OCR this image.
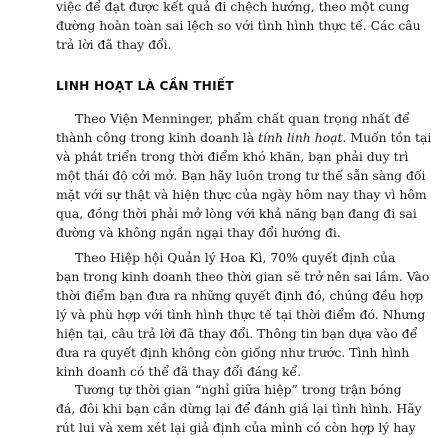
việc để đạt được kết quả đi chệch hướng, theo một cung
đường hoàn toàn sai lệch so với tình hình thực tế. Các câu
trả lời đã thay đổi.
LINH HOẠT LÀ CẦN THIẾT
Theo Viện Menninger, phẩm chất quan trọng nhất để
thành công trong kinh doanh là tính linh hoạt. Muốn tồn tại
và phát triển trong thời điểm khó khăn, bạn phải duy trì
một thái độ cởi mở. Bạn hãy luôn trong tư thế sẵn sàng đối
mặt với sự thật và hiện thực của ngày hôm nay thay vì hôm
qua, đồng thời phải mở lòng với khả năng bạn đang đi sai
đường và không ngần ngại thay đổi hướng đi.
Theo Hiệp hội Quản lý Hoa Kì, 70% quyết định của
bạn trong kinh doanh theo thời gian sẽ trở nên sai lầm. Vào
thời điểm bạn đưa ra những quyết định đó, chúng đều hợp
lý và phù hợp với tình hình thực tế tại thời điểm đó. Nhưng
hiện tại, câu trả lời đã thay đổi. Thông tin bạn dựa vào để
đưa ra quyết định không còn giống như trước. Tình hình
kinh doanh có thể đã thay đổi đáng kể.
Tương tự thời gian “nghỉ giữa hiệp” trong trận bóng
đá, đôi khi bạn cần dừng lại để đánh giá lại tình hình. Hãy
rút lui và xem xét lại giả định của mình có còn hợp lý hay
